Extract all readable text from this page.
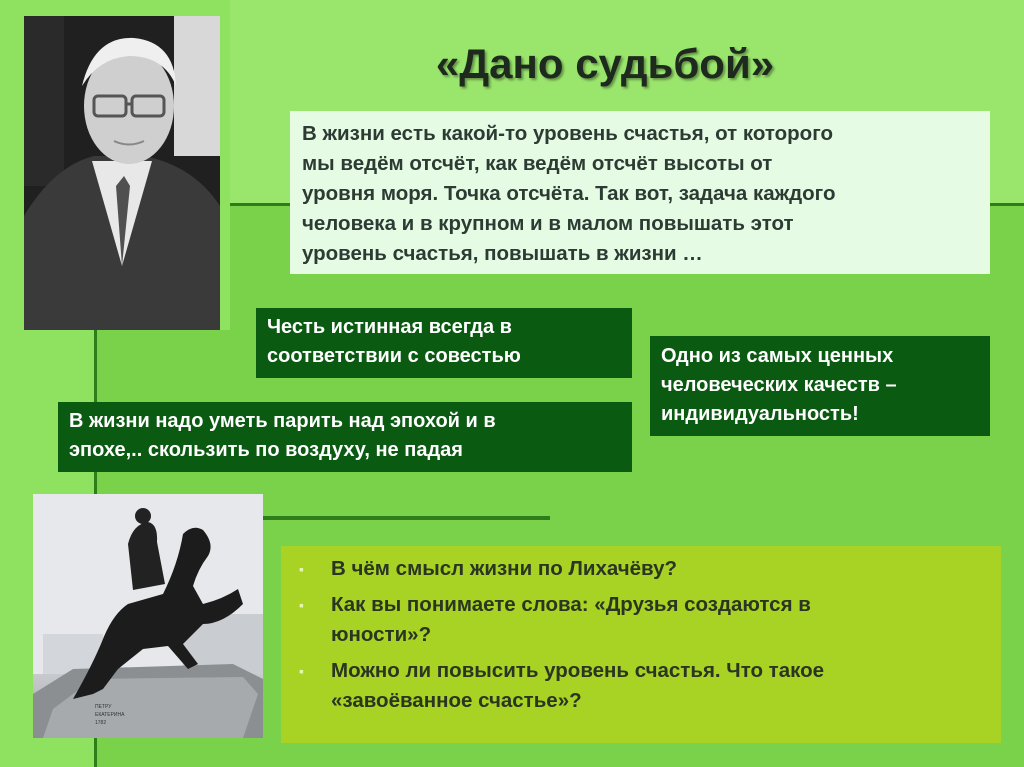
ПЕТРУ
ЕКАТЕРИНА
1782
«Дано судьбой»
В жизни есть какой-то уровень счастья, от которого
мы ведём отсчёт, как ведём отсчёт высоты от
уровня моря. Точка отсчёта. Так вот, задача каждого
человека и в крупном и в малом повышать этот
уровень счастья, повышать в жизни …
Честь истинная всегда в
соответствии с совестью	Одно из самых ценных
человеческих качеств –
индивидуальность!
В жизни надо уметь парить над эпохой и в
эпохе,.. скользить по воздуху, не падая
▪ В чём смысл жизни по Лихачёву?
▪ Как вы понимаете слова: «Друзья создаются в
юности»?
▪ Можно ли повысить уровень счастья. Что такое
«завоёванное счастье»?
